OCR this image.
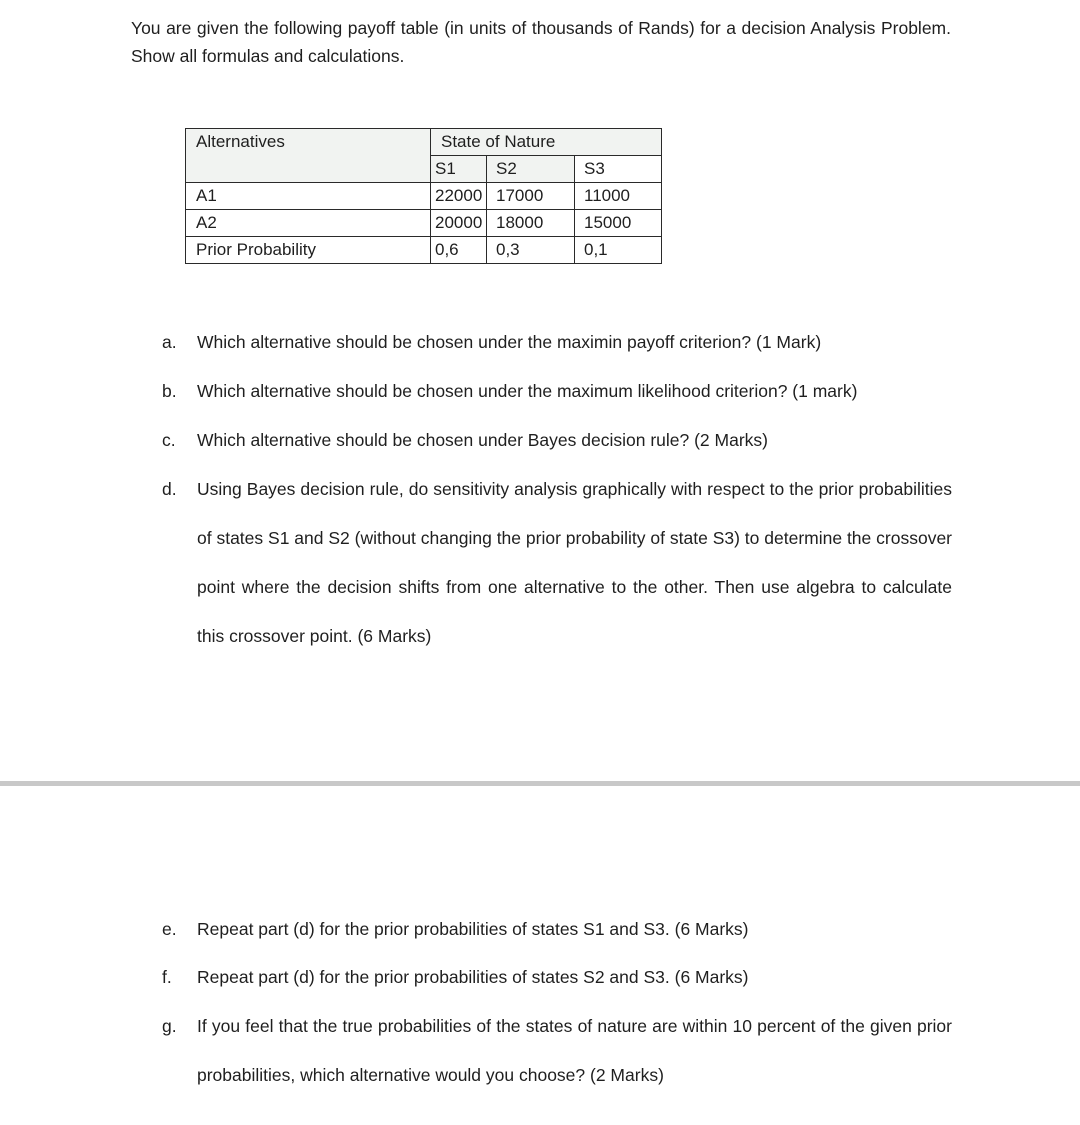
You are given the following payoff table (in units of thousands of Rands) for a decision Analysis Problem. Show all formulas and calculations.

Alternatives	State of Nature		
	S1	S2	S3
A1	22000	17000	11000
A2	20000	18000	15000
Prior Probability	0,6	0,3	0,1
a.	Which alternative should be chosen under the maximin payoff criterion? (1 Mark)
b.	Which alternative should be chosen under the maximum likelihood criterion? (1 mark)
c.	Which alternative should be chosen under Bayes decision rule? (2 Marks)
d.	Using Bayes decision rule, do sensitivity analysis graphically with respect to the prior probabilities of states S1 and S2 (without changing the prior probability of state S3) to determine the crossover point where the decision shifts from one alternative to the other. Then use algebra to calculate this crossover point. (6 Marks)
e.	Repeat part (d) for the prior probabilities of states S1 and S3. (6 Marks)
f.	Repeat part (d) for the prior probabilities of states S2 and S3. (6 Marks)
g.	If you feel that the true probabilities of the states of nature are within 10 percent of the given prior probabilities, which alternative would you choose? (2 Marks)
